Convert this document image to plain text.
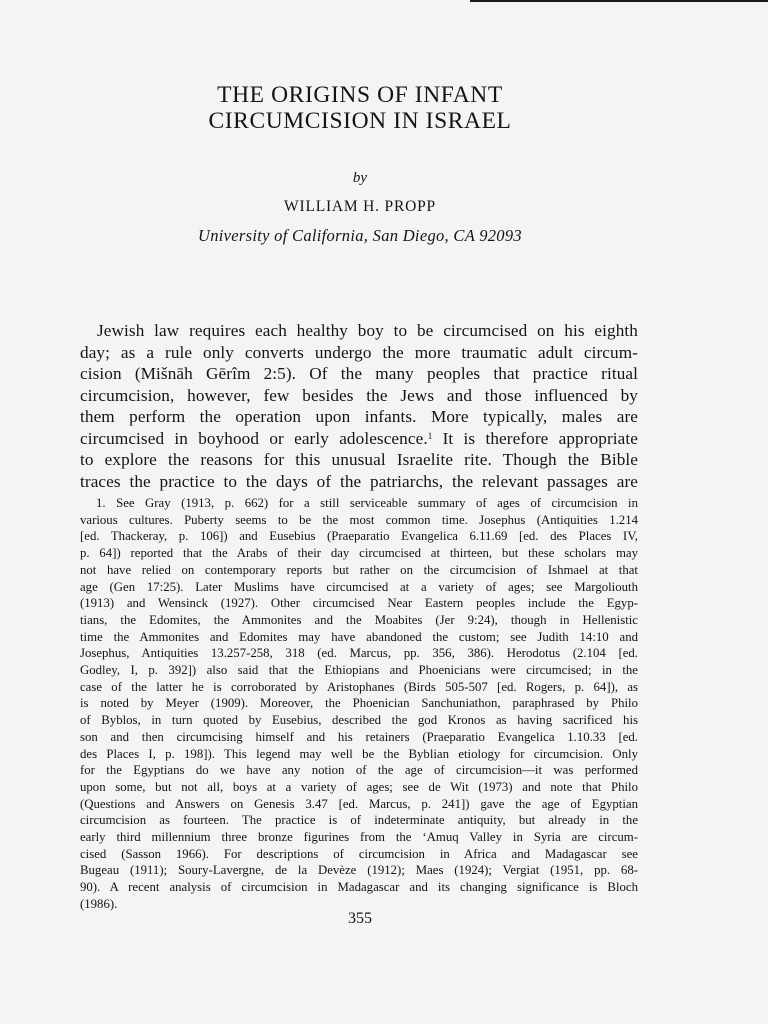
THE ORIGINS OF INFANT
CIRCUMCISION IN ISRAEL
by
WILLIAM H. PROPP
University of California, San Diego, CA 92093
Jewish law requires each healthy boy to be circumcised on his eighth
day; as a rule only converts undergo the more traumatic adult circum-
cision (Mišnāh Gērîm 2:5). Of the many peoples that practice ritual
circumcision, however, few besides the Jews and those influenced by
them perform the operation upon infants. More typically, males are
circumcised in boyhood or early adolescence.$^1$ It is therefore appropriate
to explore the reasons for this unusual Israelite rite. Though the Bible
traces the practice to the days of the patriarchs, the relevant passages are
1. See Gray (1913, p. 662) for a still serviceable summary of ages of circumcision in
various cultures. Puberty seems to be the most common time. Josephus (Antiquities 1.214
[ed. Thackeray, p. 106]) and Eusebius (Praeparatio Evangelica 6.11.69 [ed. des Places IV,
p. 64]) reported that the Arabs of their day circumcised at thirteen, but these scholars may
not have relied on contemporary reports but rather on the circumcision of Ishmael at that
age (Gen 17:25). Later Muslims have circumcised at a variety of ages; see Margoliouth
(1913) and Wensinck (1927). Other circumcised Near Eastern peoples include the Egyp-
tians, the Edomites, the Ammonites and the Moabites (Jer 9:24), though in Hellenistic
time the Ammonites and Edomites may have abandoned the custom; see Judith 14:10 and
Josephus, Antiquities 13.257-258, 318 (ed. Marcus, pp. 356, 386). Herodotus (2.104 [ed.
Godley, I, p. 392]) also said that the Ethiopians and Phoenicians were circumcised; in the
case of the latter he is corroborated by Aristophanes (Birds 505-507 [ed. Rogers, p. 64]), as
is noted by Meyer (1909). Moreover, the Phoenician Sanchuniathon, paraphrased by Philo
of Byblos, in turn quoted by Eusebius, described the god Kronos as having sacrificed his
son and then circumcising himself and his retainers (Praeparatio Evangelica 1.10.33 [ed.
des Places I, p. 198]). This legend may well be the Byblian etiology for circumcision. Only
for the Egyptians do we have any notion of the age of circumcision—it was performed
upon some, but not all, boys at a variety of ages; see de Wit (1973) and note that Philo
(Questions and Answers on Genesis 3.47 [ed. Marcus, p. 241]) gave the age of Egyptian
circumcision as fourteen. The practice is of indeterminate antiquity, but already in the
early third millennium three bronze figurines from the ‘Amuq Valley in Syria are circum-
cised (Sasson 1966). For descriptions of circumcision in Africa and Madagascar see
Bugeau (1911); Soury-Lavergne, de la Devèze (1912); Maes (1924); Vergiat (1951, pp. 68-
90). A recent analysis of circumcision in Madagascar and its changing significance is Bloch
(1986).
355
